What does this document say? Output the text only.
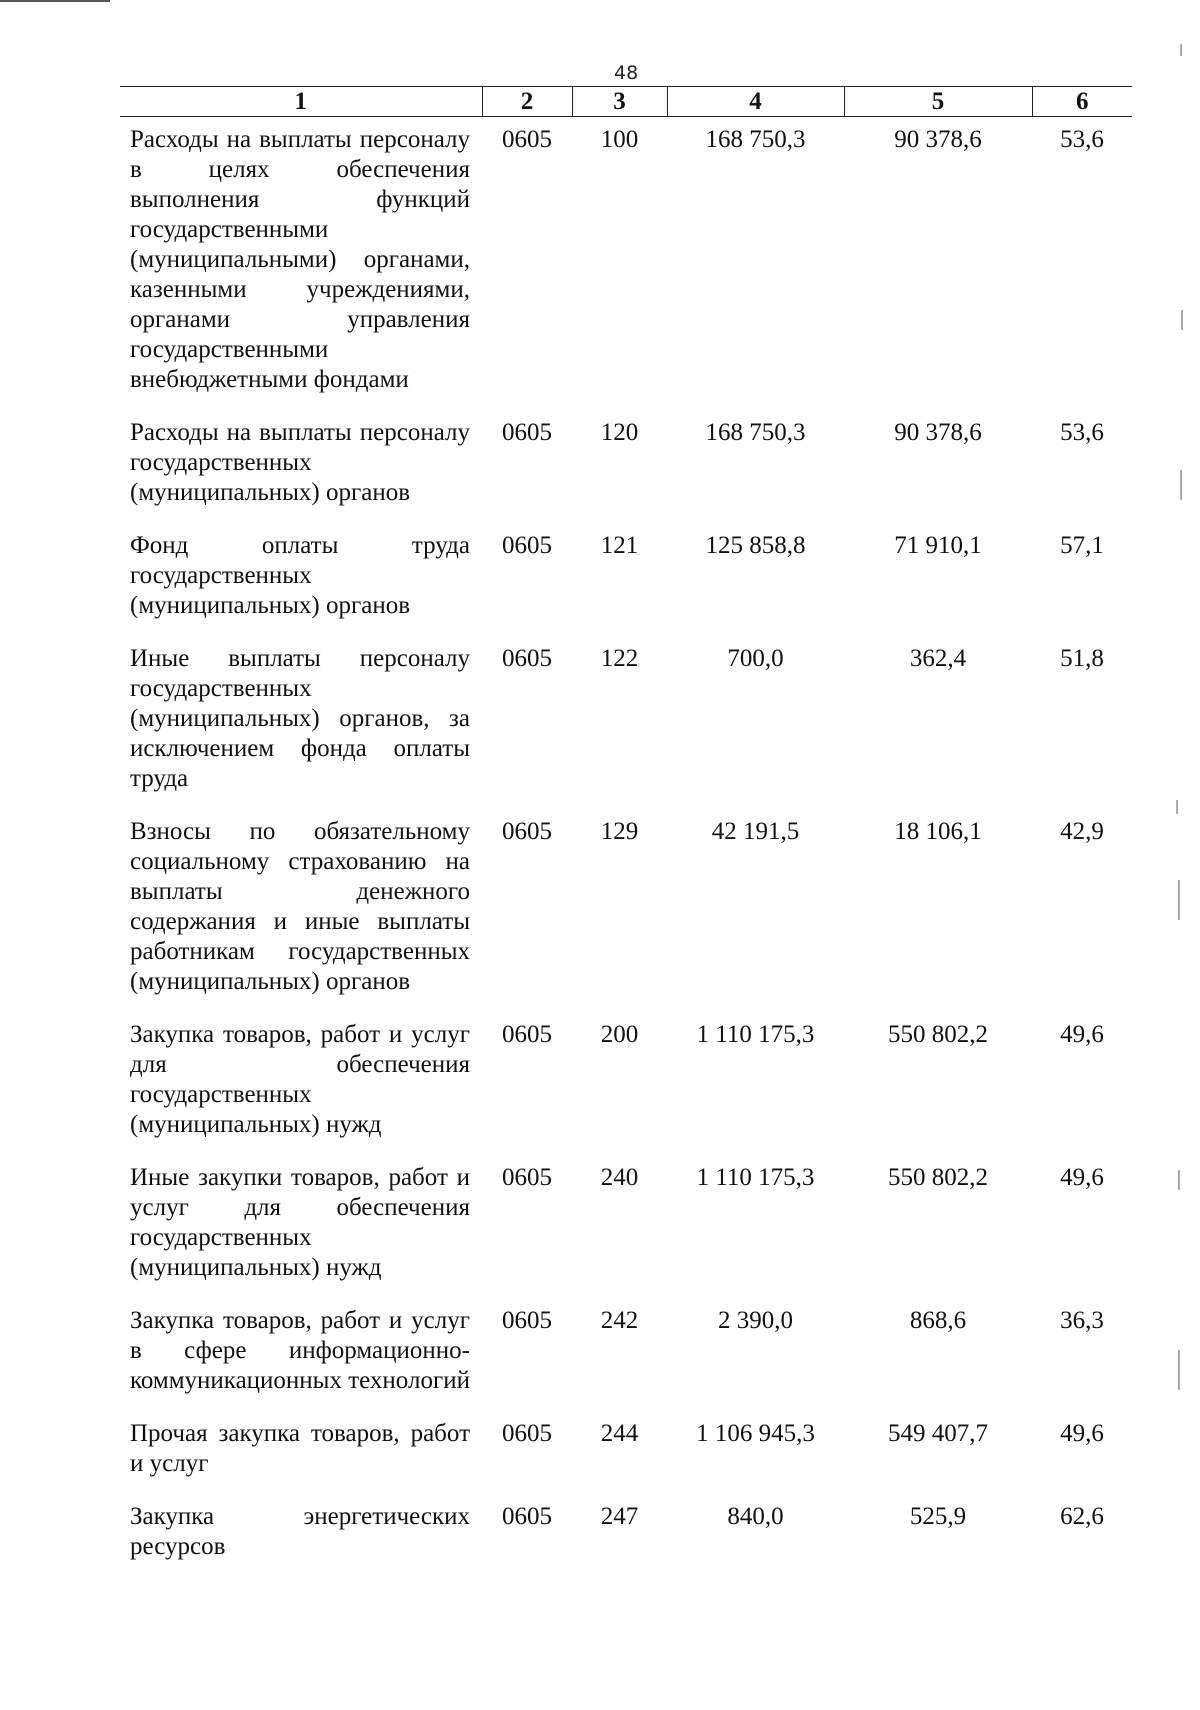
48
1	2	3	4	5	6
Расходы на выплаты персоналу в целях обеспечения выполнения функций государственными (муниципальными) органами, казенными учреждениями, органами управления государственными внебюджетными фондами	0605	100	168 750,3	90 378,6	53,6
Расходы на выплаты персоналу государственных (муниципальных) органов	0605	120	168 750,3	90 378,6	53,6
Фонд оплаты труда государственных (муниципальных) органов	0605	121	125 858,8	71 910,1	57,1
Иные выплаты персоналу государственных (муниципальных) органов, за исключением фонда оплаты труда	0605	122	700,0	362,4	51,8
Взносы по обязательному социальному страхованию на выплаты денежного содержания и иные выплаты работникам государственных (муниципальных) органов	0605	129	42 191,5	18 106,1	42,9
Закупка товаров, работ и услуг для обеспечения государственных (муниципальных) нужд	0605	200	1 110 175,3	550 802,2	49,6
Иные закупки товаров, работ и услуг для обеспечения государственных (муниципальных) нужд	0605	240	1 110 175,3	550 802,2	49,6
Закупка товаров, работ и услуг в сфере информационно-коммуникационных технологий	0605	242	2 390,0	868,6	36,3
Прочая закупка товаров, работ и услуг	0605	244	1 106 945,3	549 407,7	49,6
Закупка энергетических ресурсов	0605	247	840,0	525,9	62,6
